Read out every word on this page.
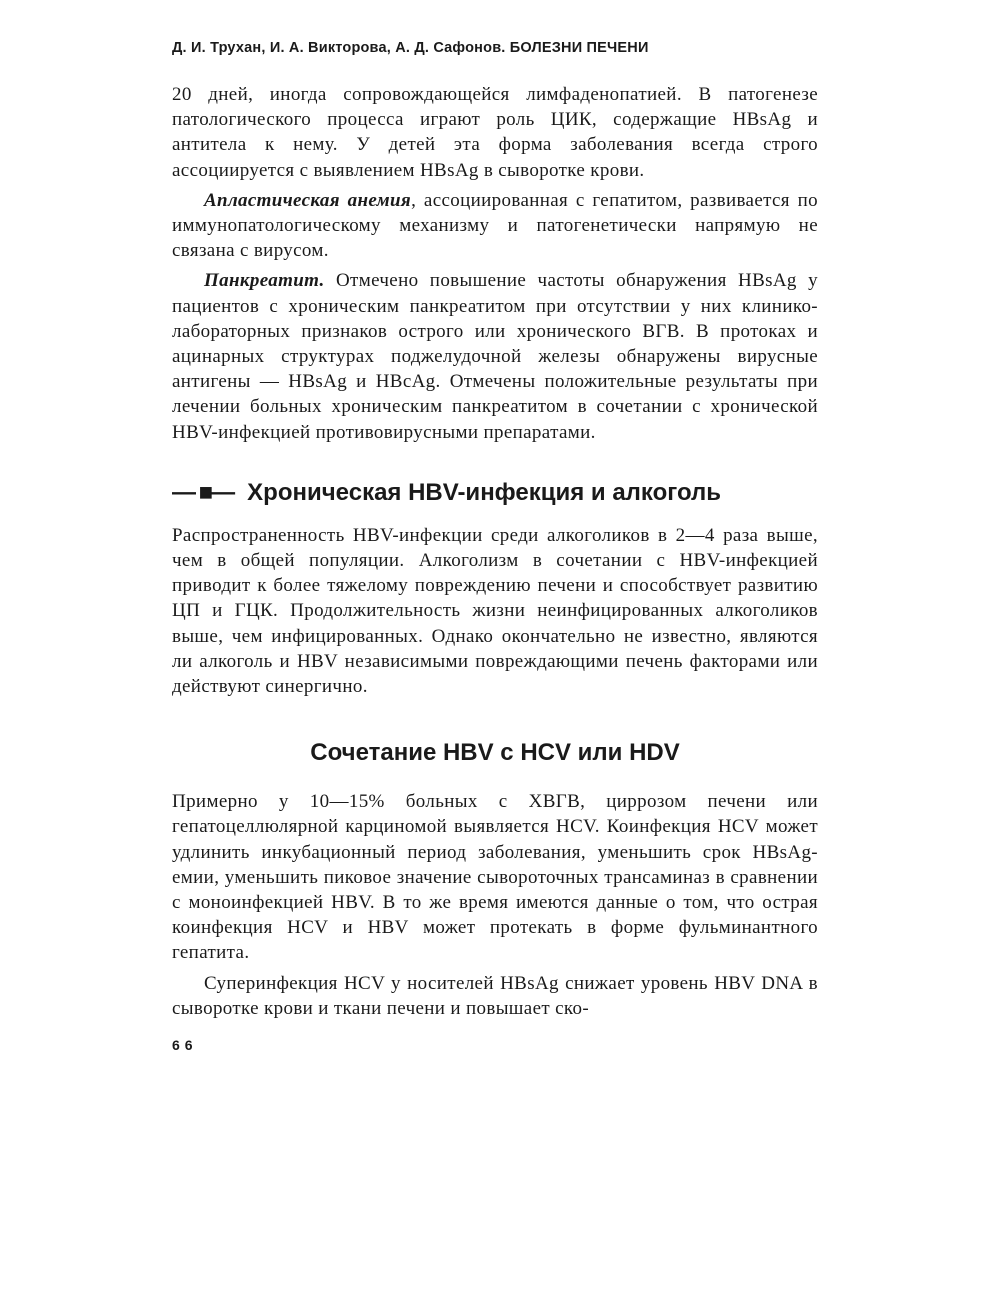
Д. И. Трухан, И. А. Викторова, А. Д. Сафонов. БОЛЕЗНИ ПЕЧЕНИ

20 дней, иногда сопровождающейся лимфаденопатией. В патогенезе патологического процесса играют роль ЦИК, содержащие HBsAg и антитела к нему. У детей эта форма заболевания всегда строго ассоциируется с выявлением HBsAg в сыворотке крови.

Апластическая анемия, ассоциированная с гепатитом, развивается по иммунопатологическому механизму и патогенетически напрямую не связана с вирусом.

Панкреатит. Отмечено повышение частоты обнаружения HBsAg у пациентов с хроническим панкреатитом при отсутствии у них клинико-лабораторных признаков острого или хронического ВГВ. В протоках и ацинарных структурах поджелудочной железы обнаружены вирусные антигены — HBsAg и HBcAg. Отмечены положительные результаты при лечении больных хроническим панкреатитом в сочетании с хронической HBV-инфекцией противовирусными препаратами.

— ■— Хроническая HBV-инфекция и алкоголь

Распространенность HBV-инфекции среди алкоголиков в 2—4 раза выше, чем в общей популяции. Алкоголизм в сочетании с HBV-инфекцией приводит к более тяжелому повреждению печени и способствует развитию ЦП и ГЦК. Продолжительность жизни неинфицированных алкоголиков выше, чем инфицированных. Однако окончательно не известно, являются ли алкоголь и HBV независимыми повреждающими печень факторами или действуют синергично.

Сочетание HBV с HCV или HDV

Примерно у 10—15% больных с ХВГВ, циррозом печени или гепатоцеллюлярной карциномой выявляется HCV. Коинфекция HCV может удлинить инкубационный период заболевания, уменьшить срок HBsAg-емии, уменьшить пиковое значение сывороточных трансаминаз в сравнении с моноинфекцией HBV. В то же время имеются данные о том, что острая коинфекция HCV и HBV может протекать в форме фульминантного гепатита.

Суперинфекция HCV у носителей HBsAg снижает уровень HBV DNA в сыворотке крови и ткани печени и повышает ско-

66
